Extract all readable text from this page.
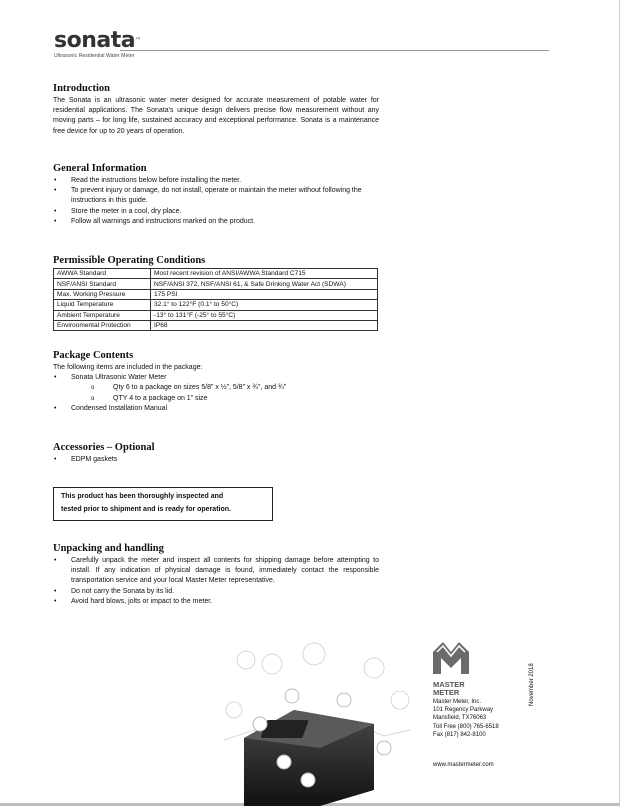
sonata™
Ultrasonic Residential Water Meter
Introduction

The Sonata is an ultrasonic water meter designed for accurate measurement of potable water for residential applications. The Sonata’s unique design delivers precise flow measurement without any moving parts – for long life, sustained accuracy and exceptional performance. Sonata is a maintenance free device for up to 20 years of operation.

General Information
• Read the instructions below before installing the meter.
• To prevent injury or damage, do not install, operate or maintain the meter without following the instructions in this guide.
• Store the meter in a cool, dry place.
• Follow all warnings and instructions marked on the product.
Permissible Operating Conditions
AWWA Standard	Most recent revision of ANSI/AWWA Standard C715
NSF/ANSI Standard	NSF/ANSI 372, NSF/ANSI 61, & Safe Drinking Water Act (SDWA)
Max. Working Pressure	175 PSI
Liquid Temperature	32.1° to 122°F (0.1° to 50°C)
Ambient Temperature	-13° to 131°F (-25° to 55°C)
Environmental Protection	IP68
Package Contents

The following items are included in the package:

• Sonata Ultrasonic Water Meter
o Qty 6 to a package on sizes 5/8” x ½”, 5/8” x ¾”, and ¾”
o QTY 4 to a package on 1” size
• Condensed Installation Manual
Accessories – Optional
• EDPM gaskets
This product has been thoroughly inspected and
tested prior to shipment and is ready for operation.
Unpacking and handling
• Carefully unpack the meter and inspect all contents for shipping damage before attempting to install. If any indication of physical damage is found, immediately contact the responsible transportation service and your local Master Meter representative.
• Do not carry the Sonata by its lid.
• Avoid hard blows, jolts or impact to the meter.
MASTER
METER
Master Meter, Inc.
101 Regency Parkway
Mansfield, TX76063
Toll Free (800) 765-6518
Fax (817) 842-8100
www.mastermeter.com
November 2018
